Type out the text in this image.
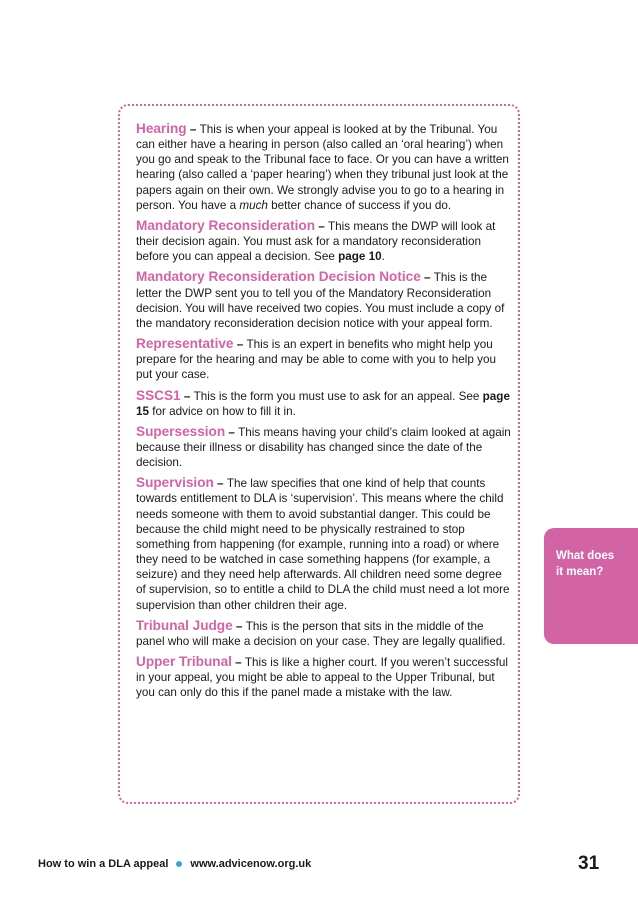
Hearing – This is when your appeal is looked at by the Tribunal. You can either have a hearing in person (also called an ‘oral hearing’) when you go and speak to the Tribunal face to face. Or you can have a written hearing (also called a ‘paper hearing’) when they tribunal just look at the papers again on their own. We strongly advise you to go to a hearing in person. You have a much better chance of success if you do.

Mandatory Reconsideration – This means the DWP will look at their decision again. You must ask for a mandatory reconsideration before you can appeal a decision. See page 10.

Mandatory Reconsideration Decision Notice – This is the letter the DWP sent you to tell you of the Mandatory Reconsideration decision. You will have received two copies. You must include a copy of the mandatory reconsideration decision notice with your appeal form.

Representative – This is an expert in benefits who might help you prepare for the hearing and may be able to come with you to help you put your case.

SSCS1 – This is the form you must use to ask for an appeal. See page 15 for advice on how to fill it in.

Supersession – This means having your child’s claim looked at again because their illness or disability has changed since the date of the decision.

Supervision – The law specifies that one kind of help that counts towards entitlement to DLA is ‘supervision’. This means where the child needs someone with them to avoid substantial danger. This could be because the child might need to be physically restrained to stop something from happening (for example, running into a road) or where they need to be watched in case something happens (for example, a seizure) and they need help afterwards. All children need some degree of supervision, so to entitle a child to DLA the child must need a lot more supervision than other children their age.

Tribunal Judge – This is the person that sits in the middle of the panel who will make a decision on your case. They are legally qualified.

Upper Tribunal – This is like a higher court. If you weren’t successful in your appeal, you might be able to appeal to the Upper Tribunal, but you can only do this if the panel made a mistake with the law.

What does
it mean?
How to win a DLA appeal www.advicenow.org.uk	31
